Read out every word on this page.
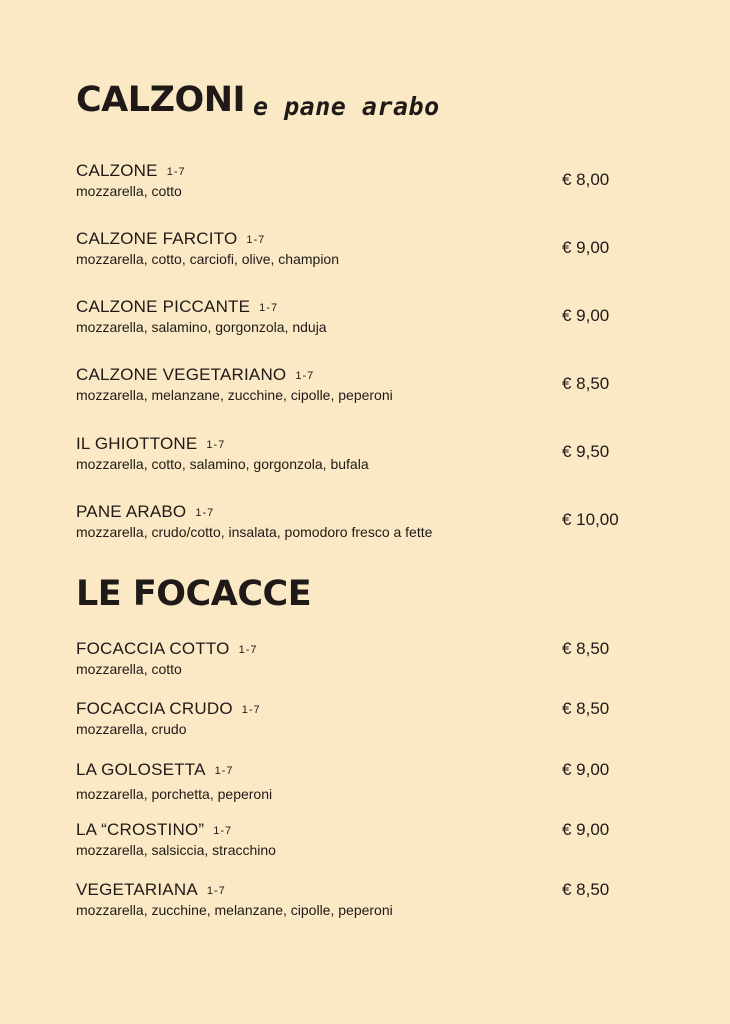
CALZONI e pane arabo
CALZONE 1-7
mozzarella, cotto
€ 8,00
CALZONE FARCITO 1-7
mozzarella, cotto, carciofi, olive, champion
€ 9,00
CALZONE PICCANTE 1-7
mozzarella, salamino, gorgonzola, nduja
€ 9,00
CALZONE VEGETARIANO 1-7
mozzarella, melanzane, zucchine, cipolle, peperoni
€ 8,50
IL GHIOTTONE 1-7
mozzarella, cotto, salamino, gorgonzola, bufala
€ 9,50
PANE ARABO 1-7
mozzarella, crudo/cotto, insalata, pomodoro fresco a fette
€ 10,00
LE FOCACCE
FOCACCIA COTTO 1-7
mozzarella, cotto
€ 8,50
FOCACCIA CRUDO 1-7
mozzarella, crudo
€ 8,50
LA GOLOSETTA 1-7
mozzarella, porchetta, peperoni
€ 9,00
LA “CROSTINO” 1-7
mozzarella, salsiccia, stracchino
€ 9,00
VEGETARIANA 1-7
mozzarella, zucchine, melanzane, cipolle, peperoni
€ 8,50
